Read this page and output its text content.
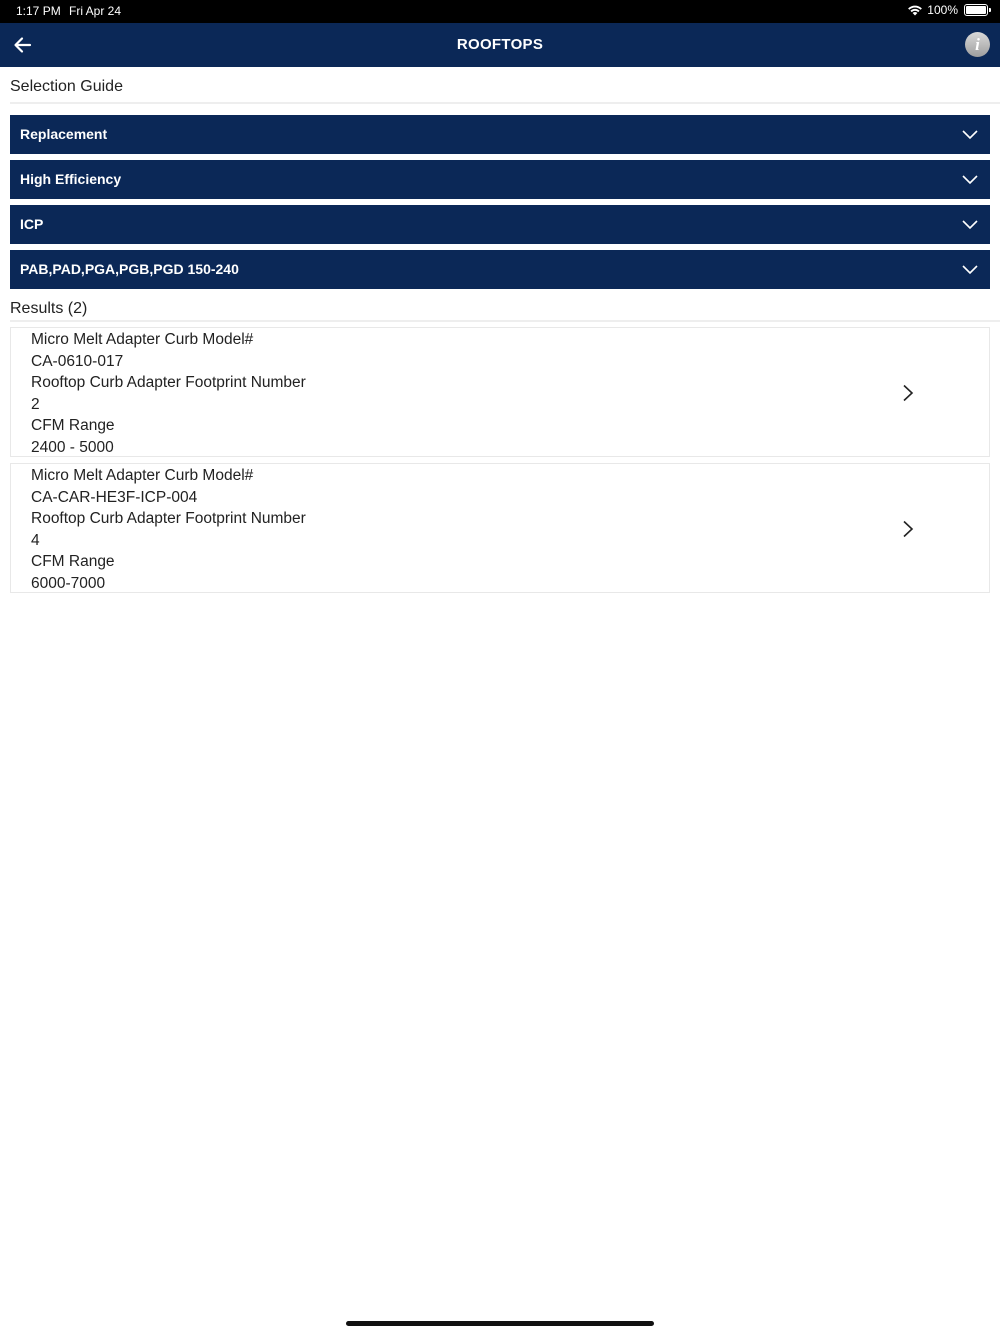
1:17 PM Fri Apr 24	100%
ROOFTOPS	i
Selection Guide
Replacement
High Efficiency
ICP
PAB,PAD,PGA,PGB,PGD 150-240
Results (2)
Micro Melt Adapter Curb Model#
CA-0610-017
Rooftop Curb Adapter Footprint Number
2
CFM Range
2400 - 5000
Micro Melt Adapter Curb Model#
CA-CAR-HE3F-ICP-004
Rooftop Curb Adapter Footprint Number
4
CFM Range
6000-7000
